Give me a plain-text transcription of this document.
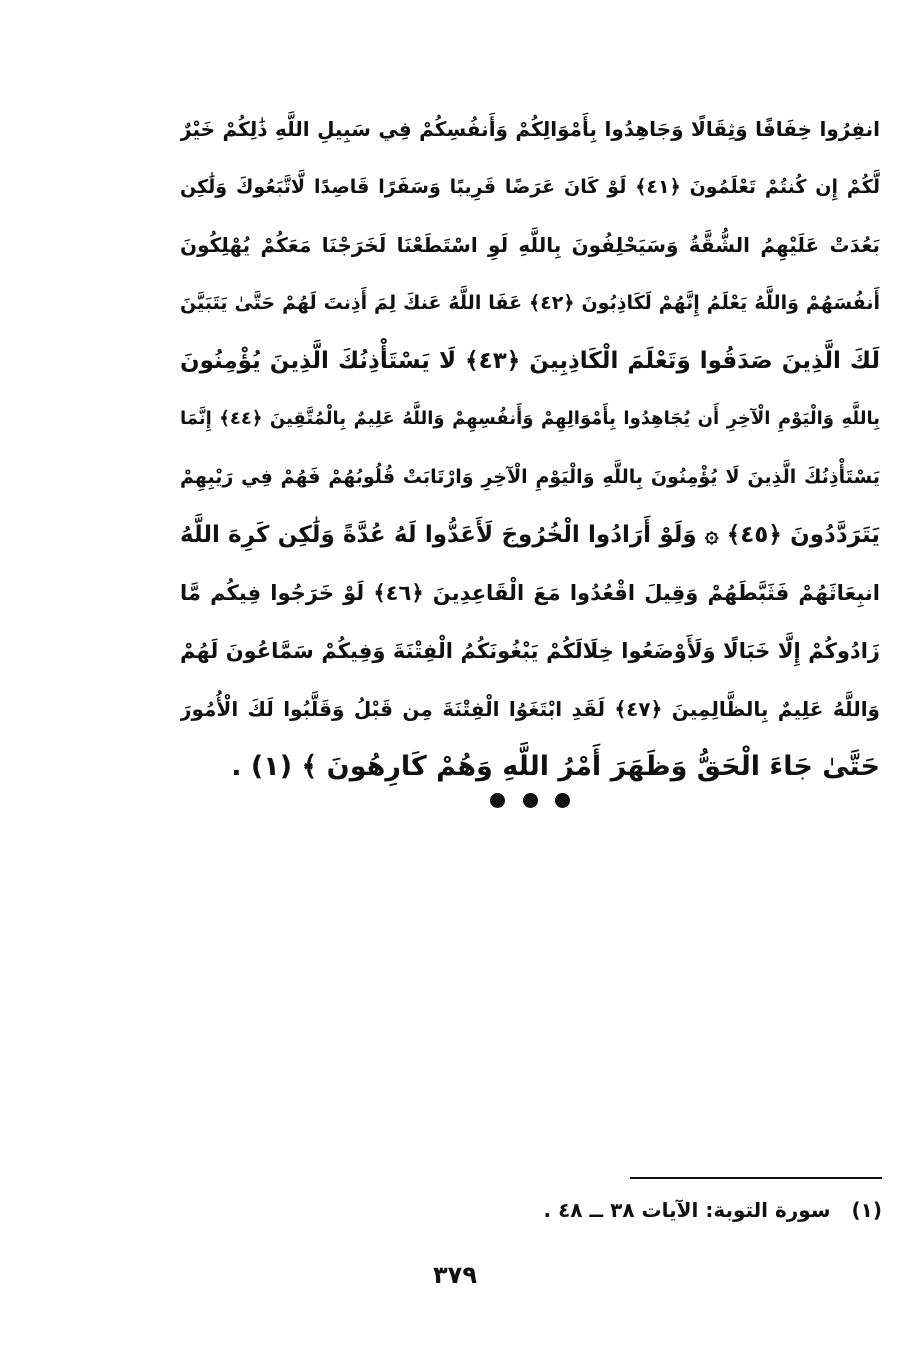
انفِرُوا خِفَافًا وَثِقَالًا وَجَاهِدُوا بِأَمْوَالِكُمْ وَأَنفُسِكُمْ فِي سَبِيلِ اللَّهِ ذَٰلِكُمْ خَيْرٌ
لَّكُمْ إِن كُنتُمْ تَعْلَمُونَ ﴿٤١﴾ لَوْ كَانَ عَرَضًا قَرِيبًا وَسَفَرًا قَاصِدًا لَّاتَّبَعُوكَ وَلَٰكِن
بَعُدَتْ عَلَيْهِمُ الشُّقَّةُ وَسَيَحْلِفُونَ بِاللَّهِ لَوِ اسْتَطَعْنَا لَخَرَجْنَا مَعَكُمْ يُهْلِكُونَ
أَنفُسَهُمْ وَاللَّهُ يَعْلَمُ إِنَّهُمْ لَكَاذِبُونَ ﴿٤٢﴾ عَفَا اللَّهُ عَنكَ لِمَ أَذِنتَ لَهُمْ حَتَّىٰ يَتَبَيَّنَ
لَكَ الَّذِينَ صَدَقُوا وَتَعْلَمَ الْكَاذِبِينَ ﴿٤٣﴾ لَا يَسْتَأْذِنُكَ الَّذِينَ يُؤْمِنُونَ
بِاللَّهِ وَالْيَوْمِ الْآخِرِ أَن يُجَاهِدُوا بِأَمْوَالِهِمْ وَأَنفُسِهِمْ وَاللَّهُ عَلِيمٌ بِالْمُتَّقِينَ ﴿٤٤﴾ إِنَّمَا
يَسْتَأْذِنُكَ الَّذِينَ لَا يُؤْمِنُونَ بِاللَّهِ وَالْيَوْمِ الْآخِرِ وَارْتَابَتْ قُلُوبُهُمْ فَهُمْ فِي رَيْبِهِمْ
يَتَرَدَّدُونَ ﴿٤٥﴾ ۞ وَلَوْ أَرَادُوا الْخُرُوجَ لَأَعَدُّوا لَهُ عُدَّةً وَلَٰكِن كَرِهَ اللَّهُ
انبِعَاثَهُمْ فَثَبَّطَهُمْ وَقِيلَ اقْعُدُوا مَعَ الْقَاعِدِينَ ﴿٤٦﴾ لَوْ خَرَجُوا فِيكُم مَّا
زَادُوكُمْ إِلَّا خَبَالًا وَلَأَوْضَعُوا خِلَالَكُمْ يَبْغُونَكُمُ الْفِتْنَةَ وَفِيكُمْ سَمَّاعُونَ لَهُمْ
وَاللَّهُ عَلِيمٌ بِالظَّالِمِينَ ﴿٤٧﴾ لَقَدِ ابْتَغَوُا الْفِتْنَةَ مِن قَبْلُ وَقَلَّبُوا لَكَ الْأُمُورَ
حَتَّىٰ جَاءَ الْحَقُّ وَظَهَرَ أَمْرُ اللَّهِ وَهُمْ كَارِهُونَ ﴾ (١) .
(١) سورة التوبة: الآيات ٣٨ ــ ٤٨ .
٣٧٩
